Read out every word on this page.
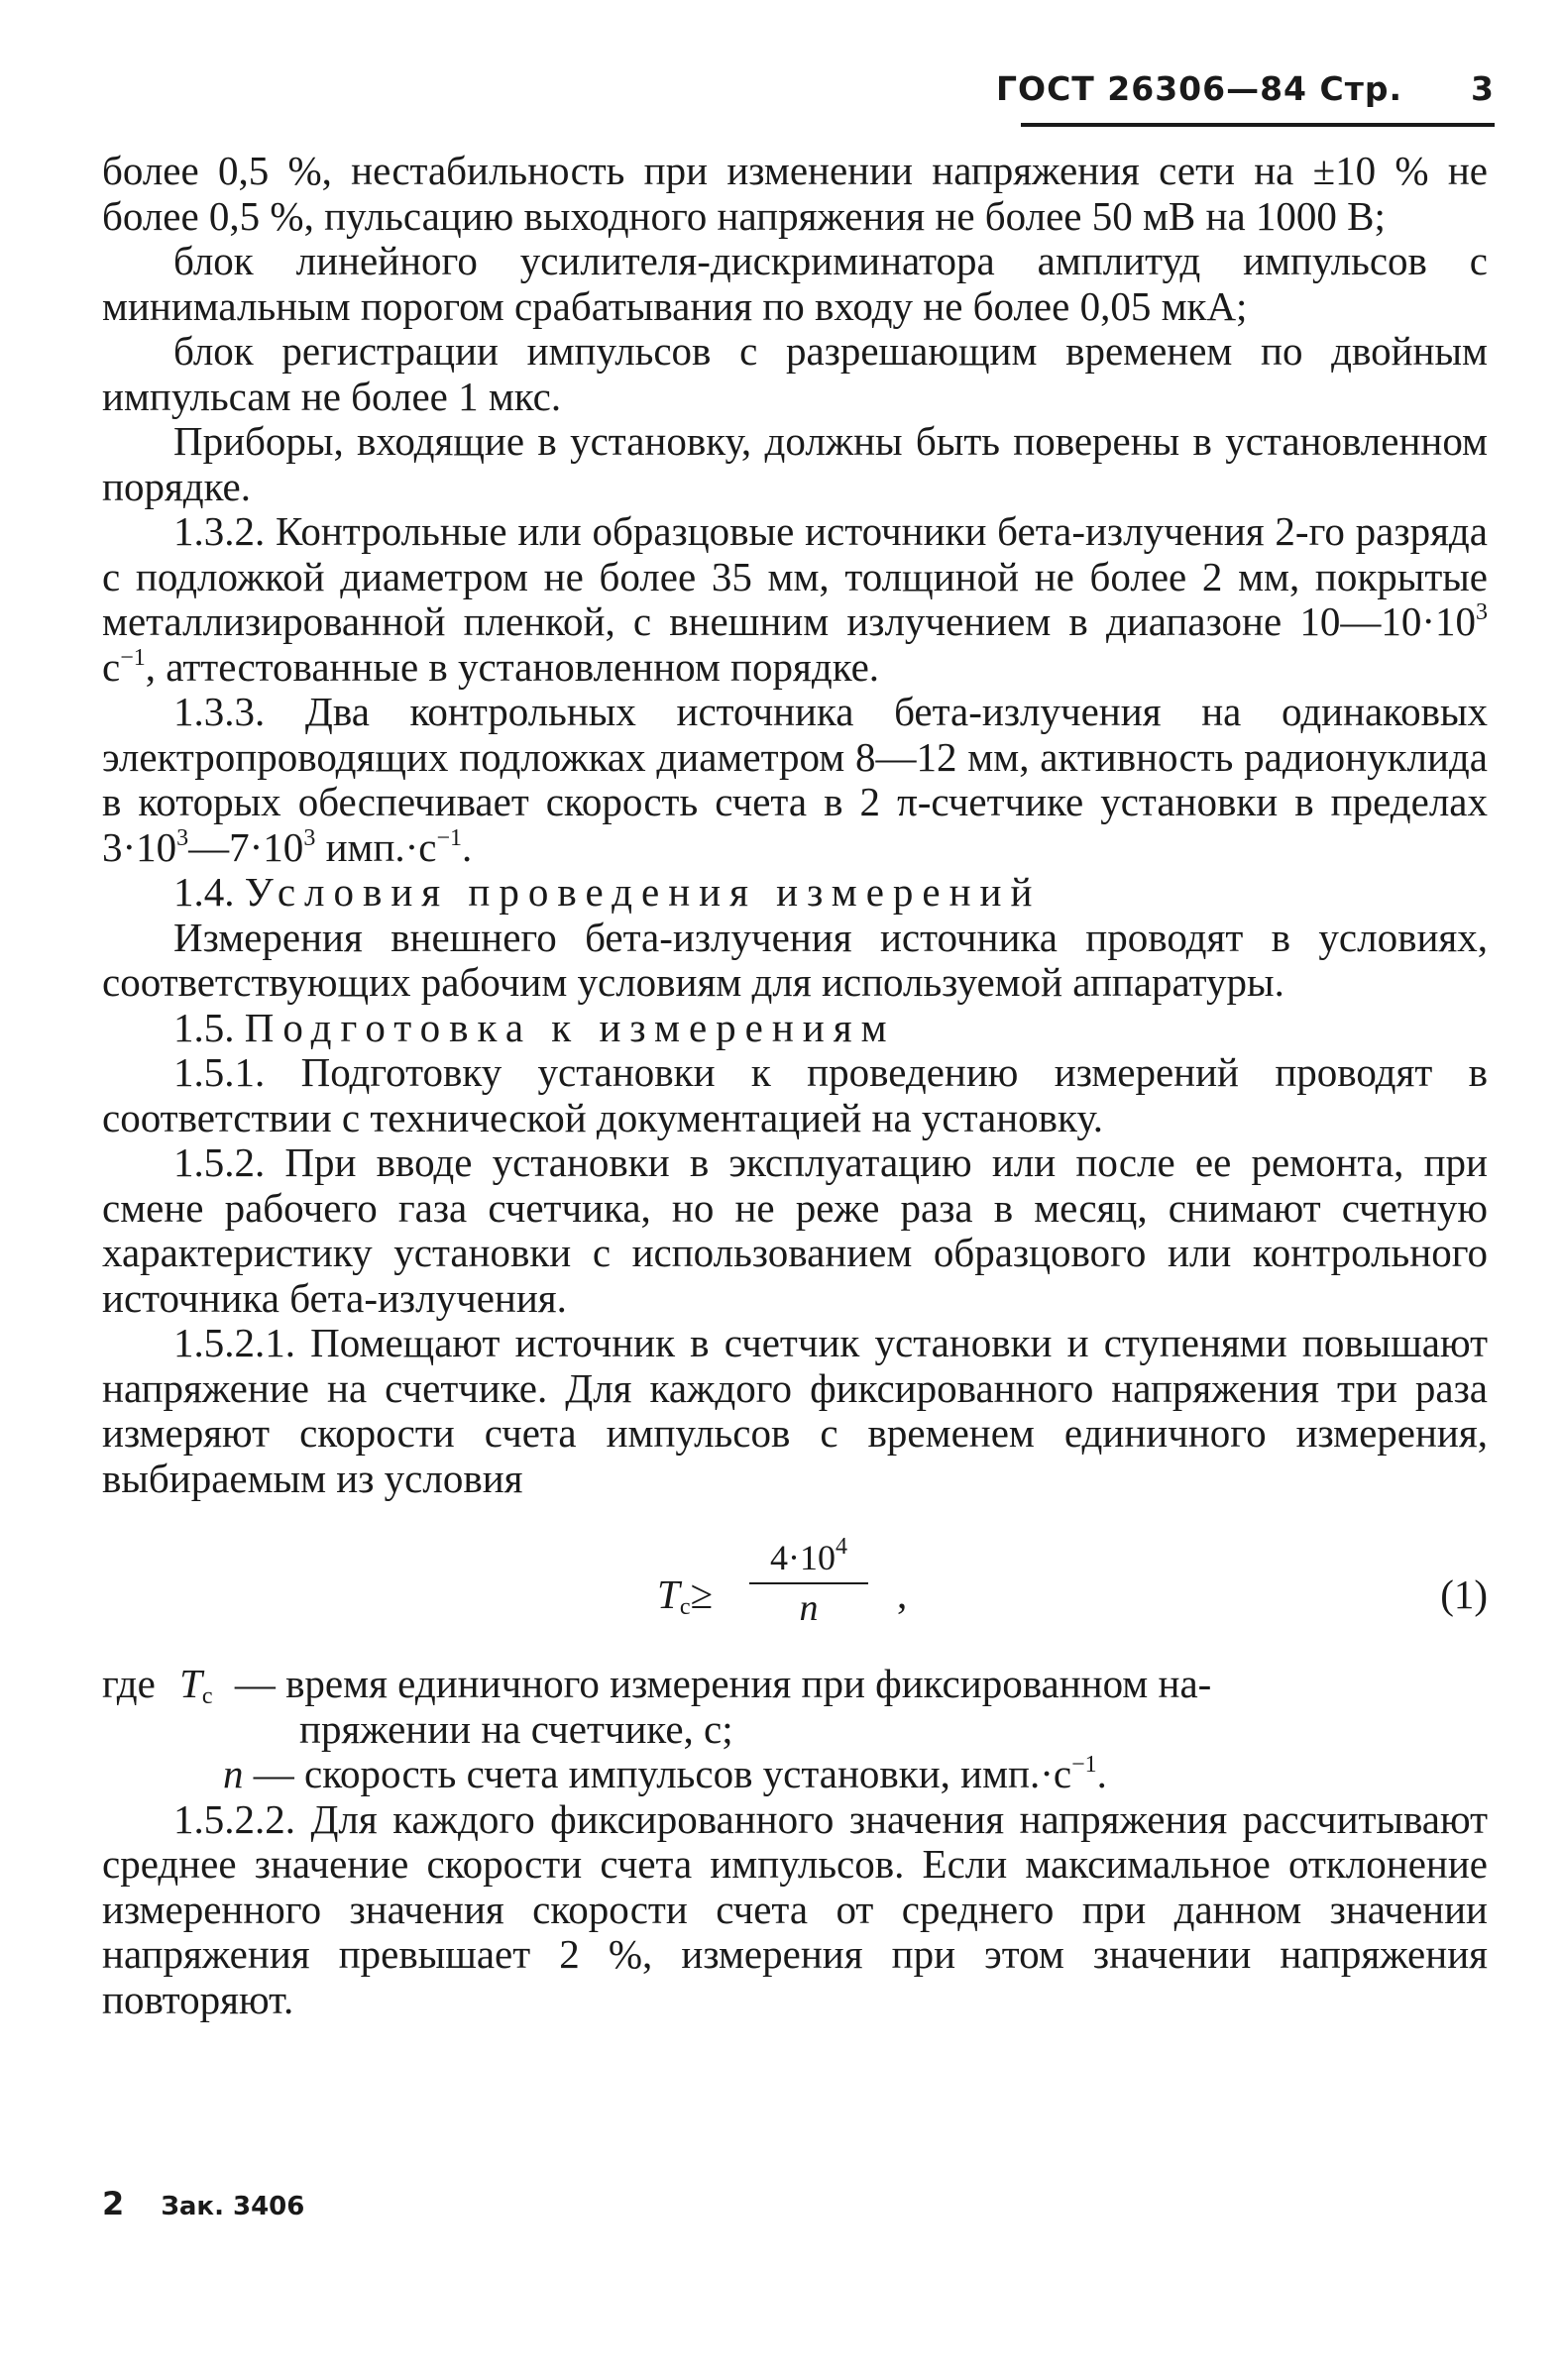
ГОСТ 26306—84 Стр. 3

более 0,5 %, нестабильность при изменении напряжения сети на ±10 % не более 0,5 %, пульсацию выходного напряжения не более 50 мВ на 1000 В;

блок линейного усилителя-дискриминатора амплитуд импульсов с минимальным порогом срабатывания по входу не более 0,05 мкА;

блок регистрации импульсов с разрешающим временем по двойным импульсам не более 1 мкс.

Приборы, входящие в установку, должны быть поверены в установленном порядке.

1.3.2. Контрольные или образцовые источники бета-излучения 2-го разряда с подложкой диаметром не более 35 мм, толщиной не более 2 мм, покрытые металлизированной пленкой, с внешним излучением в диапазоне $10—10\cdot 10^3$ $с^{-1}$, аттестованные в установленном порядке.

1.3.3. Два контрольных источника бета-излучения на одинаковых электропроводящих подложках диаметром 8—12 мм, активность радионуклида в которых обеспечивает скорость счета в 2 π-счетчике установки в пределах $3\cdot 10^3—7\cdot 10^3$ $имп.\cdot с^{-1}$.

1.4. Условия проведения измерений

Измерения внешнего бета-излучения источника проводят в условиях, соответствующих рабочим условиям для используемой аппаратуры.

1.5. Подготовка к измерениям

1.5.1. Подготовку установки к проведению измерений проводят в соответствии с технической документацией на установку.

1.5.2. При вводе установки в эксплуатацию или после ее ремонта, при смене рабочего газа счетчика, но не реже раза в месяц, снимают счетную характеристику установки с использованием образцового или контрольного источника бета-излучения.

1.5.2.1. Помещают источник в счетчик установки и ступенями повышают напряжение на счетчике. Для каждого фиксированного напряжения три раза измеряют скорости счета импульсов с временем единичного измерения, выбираемым из условия

$T_c\ge \frac{4\cdot 10^4}{n}$ ,	(1)
где $T_c$ — время единичного измерения при фиксированном на-
пряжении на счетчике, с;
n — скорость счета импульсов установки, $имп.\cdot с^{-1}$.

1.5.2.2. Для каждого фиксированного значения напряжения рассчитывают среднее значение скорости счета импульсов. Если максимальное отклонение измеренного значения скорости счета от среднего при данном значении напряжения превышает 2 %, измерения при этом значении напряжения повторяют.

2 Зак. 3406
